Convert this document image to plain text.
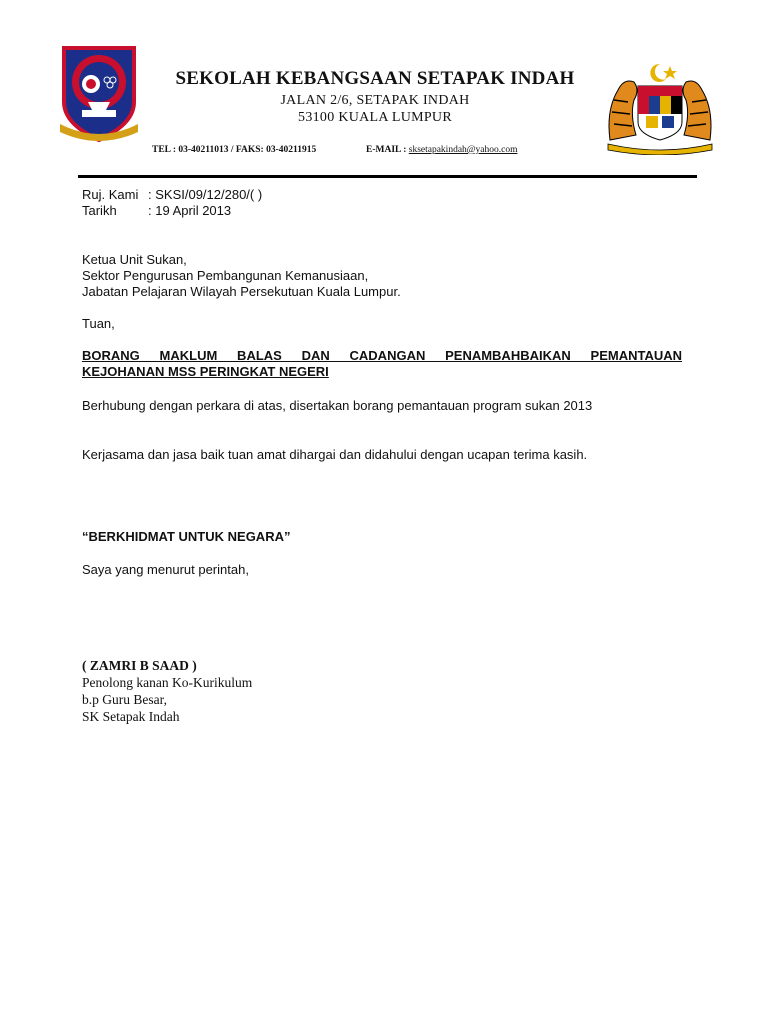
SEKOLAH KEBANGSAAN SETAPAK INDAH
JALAN 2/6, SETAPAK INDAH
53100 KUALA LUMPUR
TEL : 03-40211013 / FAKS: 03-40211915	E-MAIL : sksetapakindah@yahoo.com
Ruj. Kami : SKSI/09/12/280/( )
Tarikh : 19 April 2013
Ketua Unit Sukan,
Sektor Pengurusan Pembangunan Kemanusiaan,
Jabatan Pelajaran Wilayah Persekutuan Kuala Lumpur.
Tuan,
BORANG MAKLUM BALAS DAN CADANGAN PENAMBAHBAIKAN PEMANTAUAN
KEJOHANAN MSS PERINGKAT NEGERI
Berhubung dengan perkara di atas, disertakan borang pemantauan program sukan 2013
Kerjasama dan jasa baik tuan amat dihargai dan didahului dengan ucapan terima kasih.
“BERKHIDMAT UNTUK NEGARA”
Saya yang menurut perintah,
( ZAMRI B SAAD )
Penolong kanan Ko-Kurikulum
b.p Guru Besar,
SK Setapak Indah
